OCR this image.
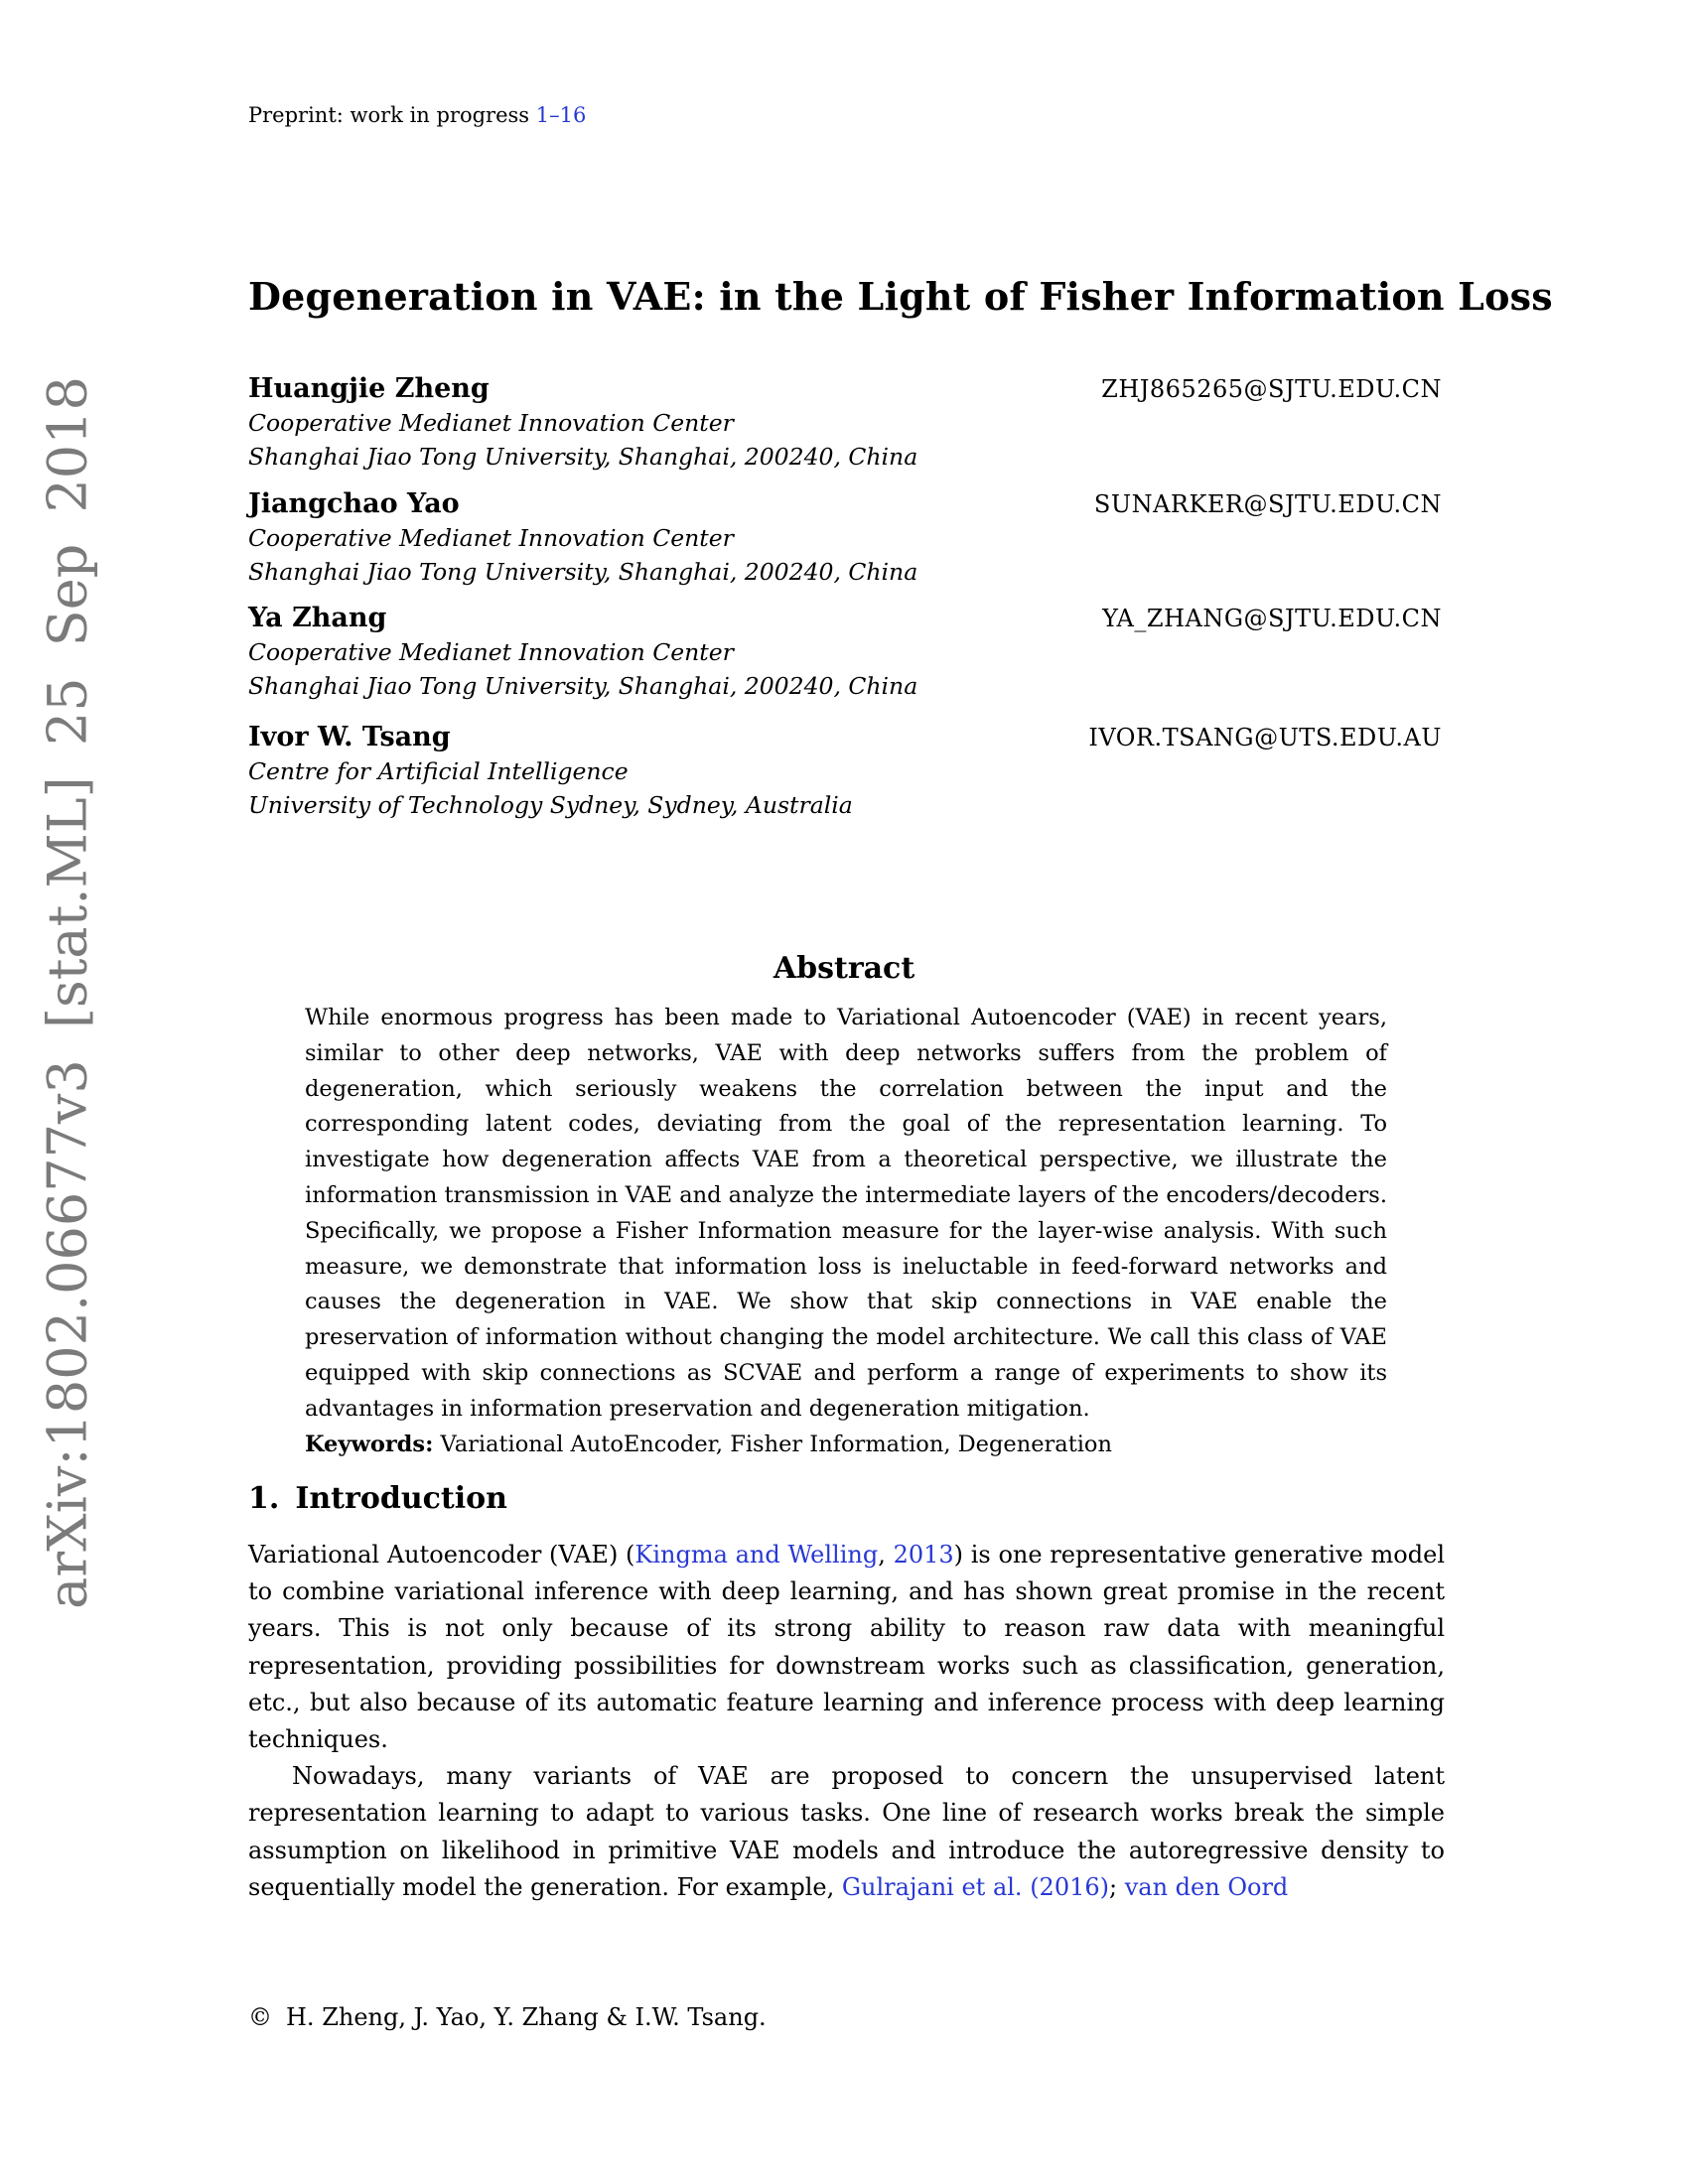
arXiv:1802.06677v3 [stat.ML] 25 Sep 2018
Preprint: work in progress 1–16
Degeneration in VAE: in the Light of Fisher Information Loss
Huangjie Zheng	ZHJ865265@SJTU.EDU.CN
Cooperative Medianet Innovation Center
Shanghai Jiao Tong University, Shanghai, 200240, China
Jiangchao Yao	SUNARKER@SJTU.EDU.CN
Cooperative Medianet Innovation Center
Shanghai Jiao Tong University, Shanghai, 200240, China
Ya Zhang	YA_ZHANG@SJTU.EDU.CN
Cooperative Medianet Innovation Center
Shanghai Jiao Tong University, Shanghai, 200240, China
Ivor W. Tsang	IVOR.TSANG@UTS.EDU.AU
Centre for Artificial Intelligence
University of Technology Sydney, Sydney, Australia
Abstract

While enormous progress has been made to Variational Autoencoder (VAE) in recent years, similar to other deep networks, VAE with deep networks suffers from the problem of degeneration, which seriously weakens the correlation between the input and the corresponding latent codes, deviating from the goal of the representation learning. To investigate how degeneration affects VAE from a theoretical perspective, we illustrate the information transmission in VAE and analyze the intermediate layers of the encoders/decoders. Specifically, we propose a Fisher Information measure for the layer-wise analysis. With such measure, we demonstrate that information loss is ineluctable in feed-forward networks and causes the degeneration in VAE. We show that skip connections in VAE enable the preservation of information without changing the model architecture. We call this class of VAE equipped with skip connections as SCVAE and perform a range of experiments to show its advantages in information preservation and degeneration mitigation.

Keywords: Variational AutoEncoder, Fisher Information, Degeneration

1. Introduction

Variational Autoencoder (VAE) (Kingma and Welling, 2013) is one representative generative model to combine variational inference with deep learning, and has shown great promise in the recent years. This is not only because of its strong ability to reason raw data with meaningful representation, providing possibilities for downstream works such as classification, generation, etc., but also because of its automatic feature learning and inference process with deep learning techniques.

Nowadays, many variants of VAE are proposed to concern the unsupervised latent representation learning to adapt to various tasks. One line of research works break the simple assumption on likelihood in primitive VAE models and introduce the autoregressive density to sequentially model the generation. For example, Gulrajani et al. (2016); van den Oord

© H. Zheng, J. Yao, Y. Zhang & I.W. Tsang.
